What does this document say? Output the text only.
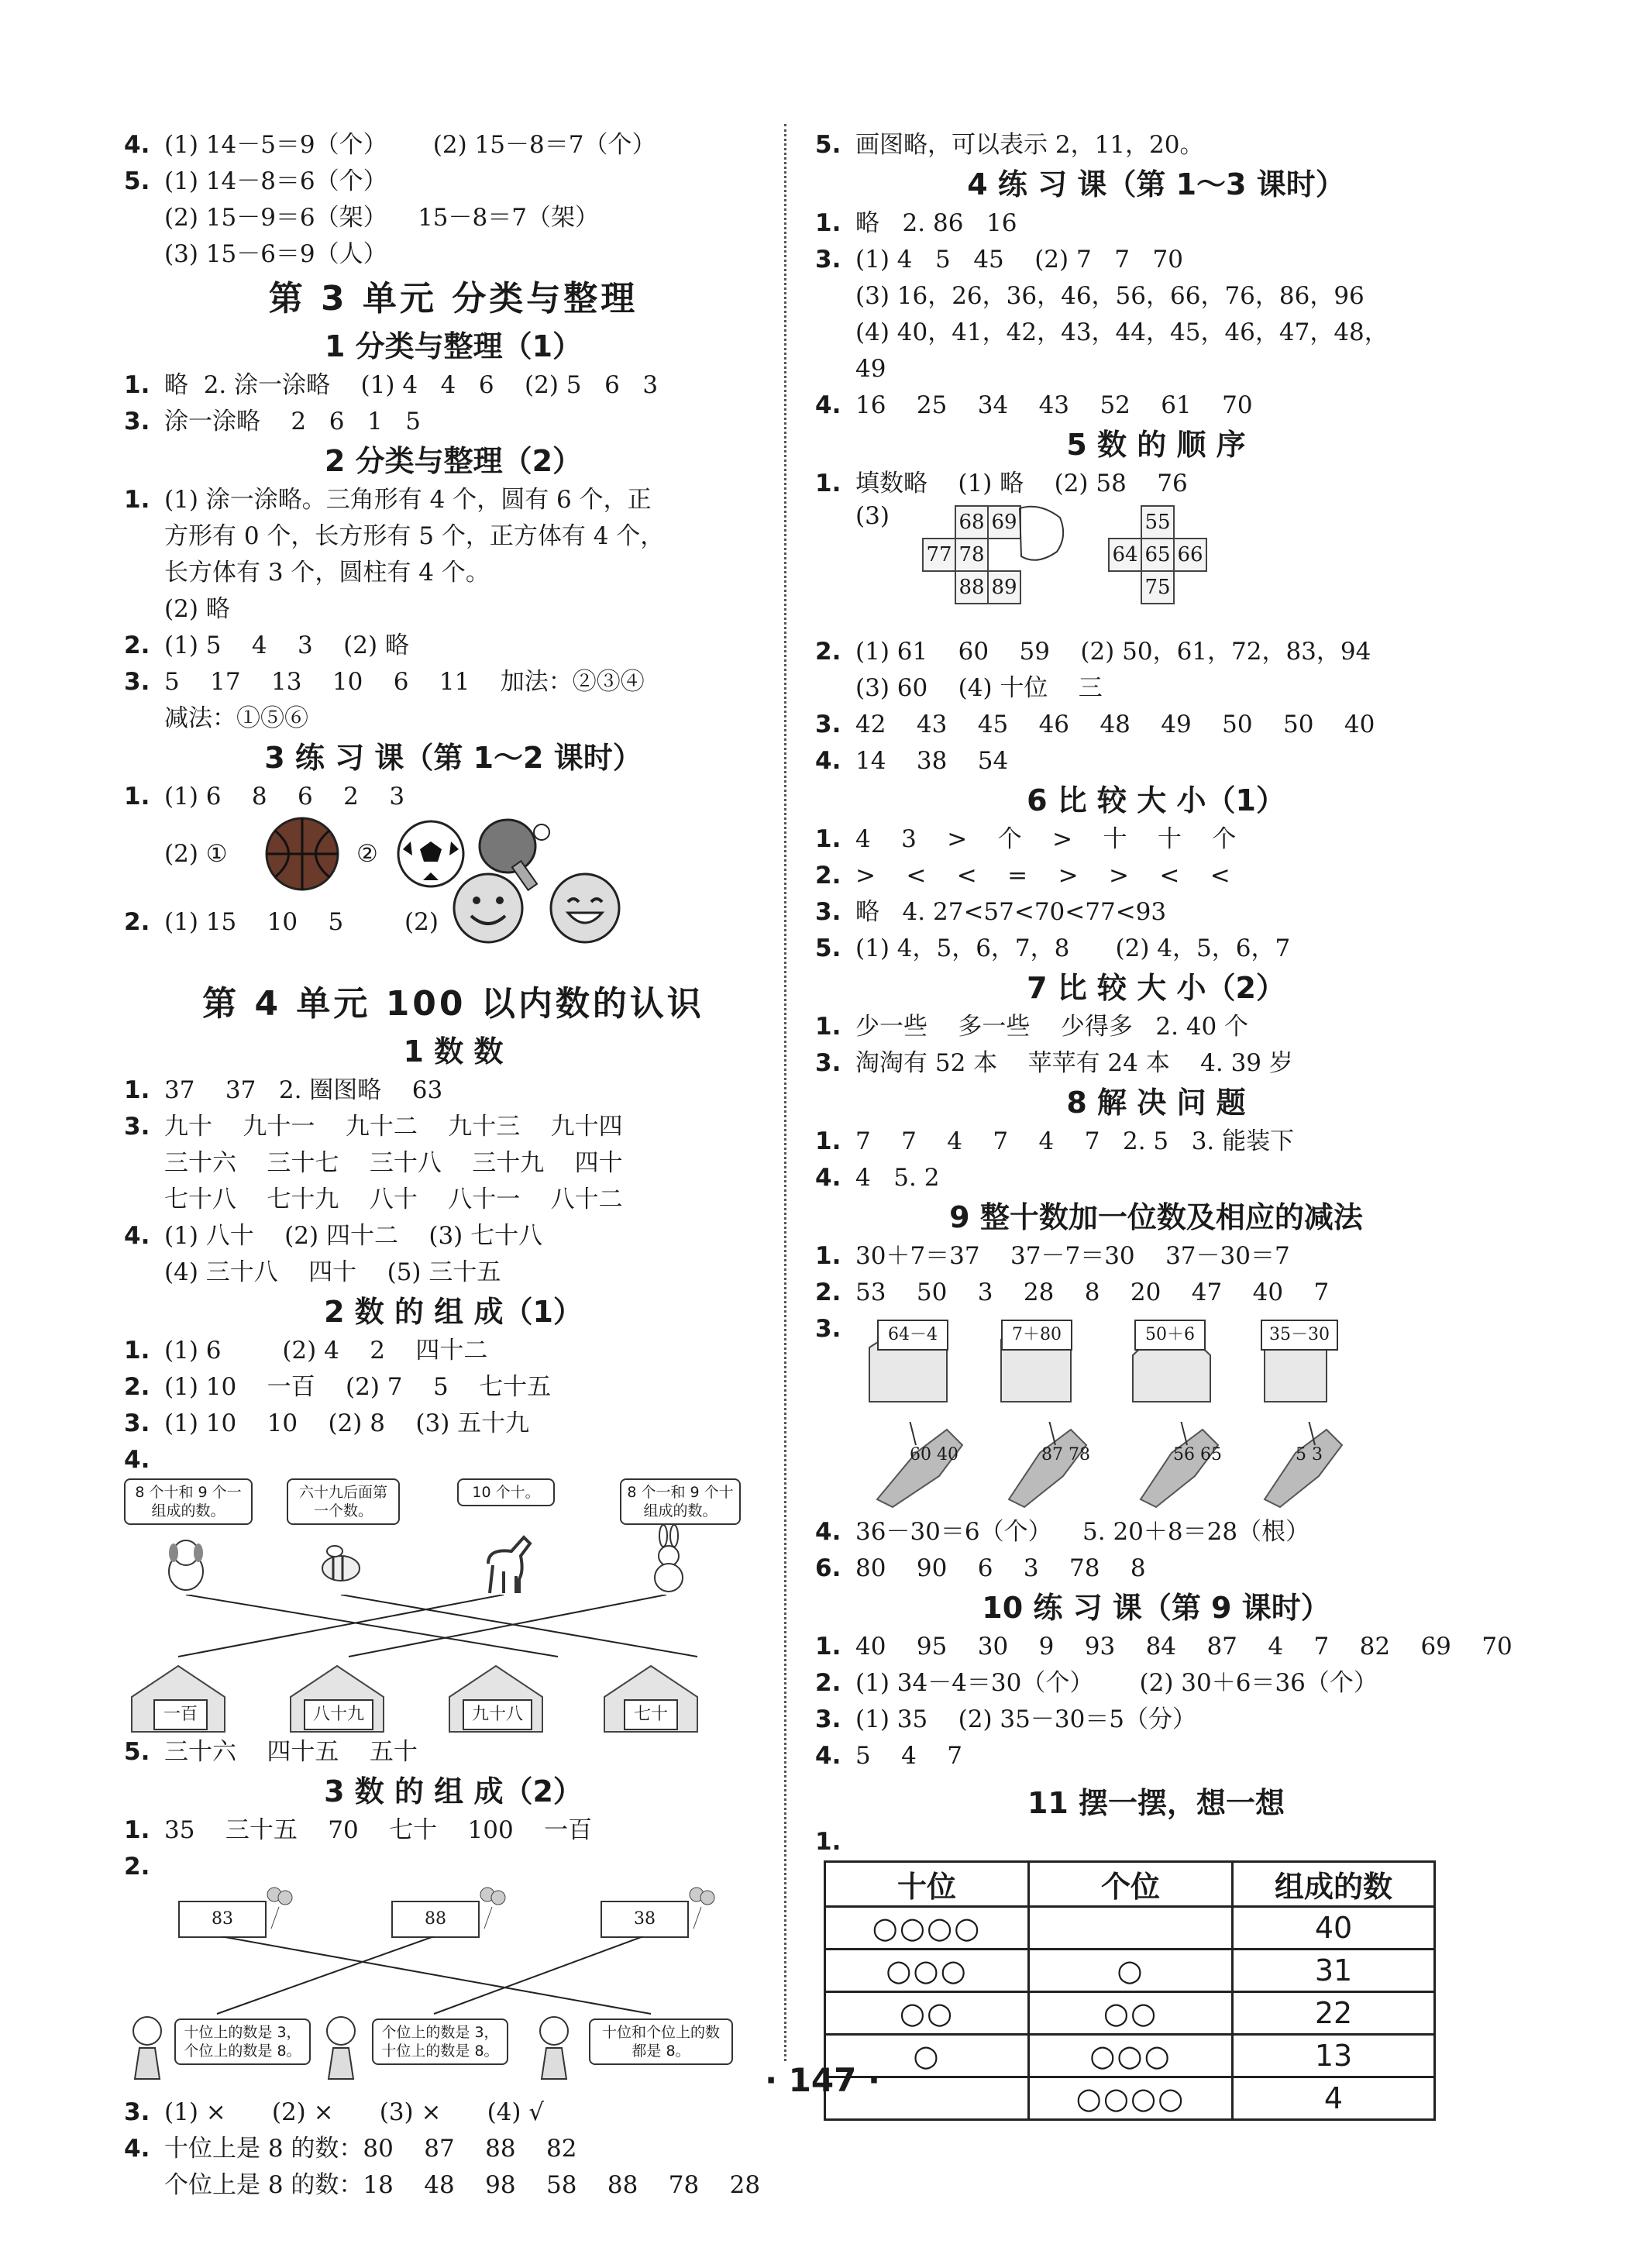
4. (1) 14－5＝9（个）      (2) 15－8＝7（个）
5. (1) 14－8＝6（个）
(2) 15－9＝6（架）    15－8＝7（架）
(3) 15－6＝9（人）
第 3 单元 分类与整理
1 分类与整理（1）
1. 略  2. 涂一涂略    (1) 4   4   6    (2) 5   6   3
3. 涂一涂略    2   6   1   5
2 分类与整理（2）
1. (1) 涂一涂略。三角形有 4 个，圆有 6 个，正
方形有 0 个，长方形有 5 个，正方体有 4 个，
长方体有 3 个，圆柱有 4 个。
(2) 略
2. (1) 5    4    3    (2) 略
3. 5    17    13    10    6    11    加法：②③④
减法：①⑤⑥
3 练 习 课（第 1～2 课时）
1. (1) 6    8    6    2    3
(2) ①	②
2. (1) 15    10    5        (2)
第 4 单元 100 以内数的认识
1 数 数
1. 37    37   2. 圈图略    63
3. 九十    九十一    九十二    九十三    九十四
三十六    三十七    三十八    三十九    四十
七十八    七十九    八十    八十一    八十二
4. (1) 八十    (2) 四十二    (3) 七十八
(4) 三十八    四十    (5) 三十五
2 数 的 组 成（1）
1. (1) 6        (2) 4    2    四十二
2. (1) 10    一百    (2) 7    5    七十五
3. (1) 10    10    (2) 8    (3) 五十九
4.
8 个十和 9 个一组成的数。
六十九后面第一个数。
10 个十。	8 个一和 9 个十组成的数。
一百	八十九	九十八	七十
5. 三十六    四十五    五十
3 数 的 组 成（2）
1. 35    三十五    70    七十    100    一百
2.
83	88	38
十位上的数是 3，个位上的数是 8。
个位上的数是 3，十位上的数是 8。
十位和个位上的数都是 8。
3. (1) ×      (2) ×      (3) ×      (4) √
4. 十位上是 8 的数：80    87    88    82
个位上是 8 的数：18    48    98    58    88    78    28
5. 画图略，可以表示 2，11，20。
4 练 习 课（第 1～3 课时）
1. 略   2. 86   16
3. (1) 4   5   45    (2) 7   7   70
(3) 16，26，36，46，56，66，76，86，96
(4) 40，41，42，43，44，45，46，47，48，
49
4. 16    25    34    43    52    61    70
5 数 的 顺 序
1. 填数略    (1) 略    (2) 58    76
(3)	68 69
77 78
88 89
55
64 65 66
75
2. (1) 61    60    59    (2) 50，61，72，83，94
(3) 60    (4) 十位    三
3. 42    43    45    46    48    49    50    50    40
4. 14    38    54
6 比 较 大 小（1）
1. 4    3    >    个    >    十    十    个
2. >    <    <    =    >    >    <    <
3. 略   4. 27<57<70<77<93
5. (1) 4，5，6，7，8      (2) 4，5，6，7
7 比 较 大 小（2）
1. 少一些    多一些    少得多   2. 40 个
3. 淘淘有 52 本    苹苹有 24 本    4. 39 岁
8 解 决 问 题
1. 7    7    4    7    4    7   2. 5   3. 能装下
4. 4   5. 2
9 整十数加一位数及相应的减法
1. 30＋7＝37    37－7＝30    37－30＝7
2. 53    50    3    28    8    20    47    40    7
3.	64－4	7＋80	50＋6	35－30
60 40	87 78	56 65	5 3
4. 36－30＝6（个）    5. 20＋8＝28（根）
6. 80    90    6    3    78    8
10 练 习 课（第 9 课时）
1. 40    95    30    9    93    84    87    4    7    82    69    70
2. (1) 34－4＝30（个）      (2) 30＋6＝36（个）
3. (1) 35    (2) 35－30＝5（分）
4. 5    4    7
11 摆一摆，想一想
1.
十位	个位	组成的数
○○○○		40
○○○	○	31
○○	○○	22
○	○○○	13
	○○○○	4
· 147 ·
